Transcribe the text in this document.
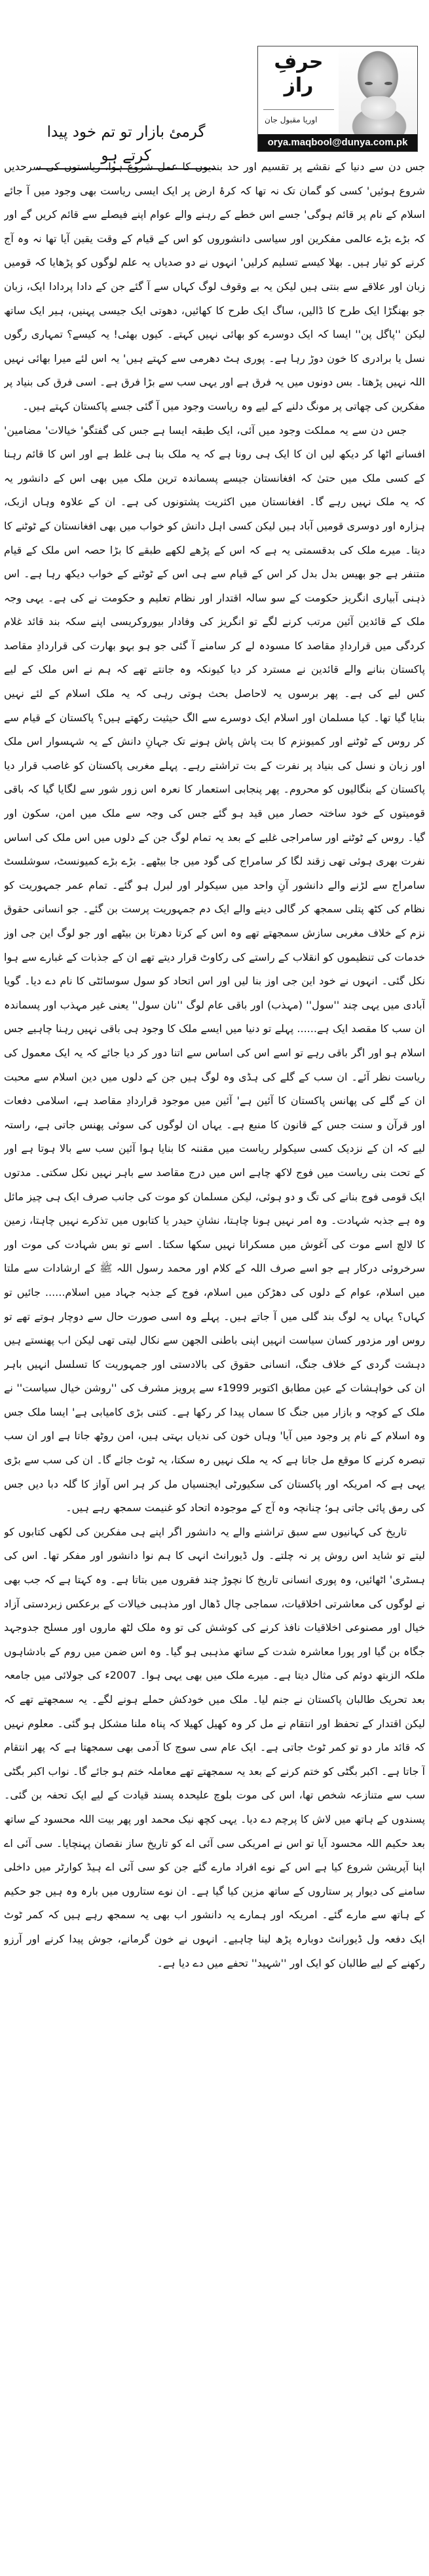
حرفِ راز
اوریا مقبول جان
orya.maqbool@dunya.com.pk
گرمئ بازار تو تم خود پیدا کرتے ہو
جس دن سے دنیا کے نقشے پر تقسیم اور حد بندیوں کا عمل شروع ہوا، ریاستوں کی سرحدیں
شروع ہوئیں' کسی کو گمان تک نہ تھا کہ کرۂ ارض پر ایک ایسی ریاست بھی وجود میں آ جائے
اسلام کے نام پر قائم ہوگی' جسے اس خطے کے رہنے والے عوام اپنے فیصلے سے قائم کریں گے اور
کہ بڑے بڑے عالمی مفکرین اور سیاسی دانشوروں کو اس کے قیام کے وقت یقین آیا تھا نہ وہ آج
کرنے کو تیار ہیں۔ بھلا کیسے تسلیم کرلیں' انہوں نے دو صدیاں یہ علم لوگوں کو پڑھایا کہ قومیں
زبان اور علاقے سے بنتی ہیں لیکن یہ بے وقوف لوگ کہاں سے آ گئے جن کے دادا پردادا ایک، زبان
جو بھنگڑا ایک طرح کا ڈالیں، ساگ ایک طرح کا کھائیں، دھوتی ایک جیسی پہنیں، ہیر ایک ساتھ
لیکن ''پاگل پن'' ایسا کہ ایک دوسرے کو بھائی نہیں کہتے۔ کیوں بھئی! یہ کیسے؟ تمہاری رگوں
نسل یا برادری کا خون دوڑ رہا ہے۔ پوری ہٹ دھرمی سے کہتے ہیں' یہ اس لئے میرا بھائی نہیں
اللہ نہیں پڑھتا۔ بس دونوں میں یہ فرق ہے اور یہی سب سے بڑا فرق ہے۔ اسی فرق کی بنیاد پر
مفکرین کی چھاتی پر مونگ دلنے کے لیے وہ ریاست وجود میں آ گئی جسے پاکستان کہتے ہیں۔
جس دن سے یہ مملکت وجود میں آئی، ایک طبقہ ایسا ہے جس کی گفتگو' خیالات' مضامین'
افسانے اٹھا کر دیکھ لیں ان کا ایک ہی رونا ہے کہ یہ ملک بنا ہی غلط ہے اور اس کا قائم رہنا
کے کسی ملک میں حتیٰ کہ افغانستان جیسے پسماندہ ترین ملک میں بھی اس کے دانشور یہ
کہ یہ ملک نہیں رہے گا۔ افغانستان میں اکثریت پشتونوں کی ہے۔ ان کے علاوہ وہاں ازبک،
ہزارہ اور دوسری قومیں آباد ہیں لیکن کسی اہل دانش کو خواب میں بھی افغانستان کے ٹوٹنے کا
دیتا۔ میرے ملک کی بدقسمتی یہ ہے کہ اس کے پڑھے لکھے طبقے کا بڑا حصہ اس ملک کے قیام
متنفر ہے جو بھیس بدل بدل کر اس کے قیام سے ہی اس کے ٹوٹنے کے خواب دیکھ رہا ہے۔ اس
ذہنی آبیاری انگریز حکومت کے سو سالہ اقتدار اور نظام تعلیم و حکومت نے کی ہے۔ یہی وجہ
ملک کے قائدین آئین مرتب کرنے لگے تو انگریز کی وفادار بیوروکریسی اپنے سکہ بند قائد غلام
کردگی میں قراردادِ مقاصد کا مسودہ لے کر سامنے آ گئی جو ہو بہو بھارت کی قراردادِ مقاصد
پاکستان بنانے والے قائدین نے مسترد کر دیا کیونکہ وہ جانتے تھے کہ ہم نے اس ملک کے لیے
کس لیے کی ہے۔ پھر برسوں یہ لاحاصل بحث ہوتی رہی کہ یہ ملک اسلام کے لئے نہیں
بنایا گیا تھا۔ کیا مسلمان اور اسلام ایک دوسرے سے الگ حیثیت رکھتے ہیں؟ پاکستان کے قیام سے
کر روس کے ٹوٹنے اور کمیونزم کا بت پاش پاش ہونے تک جہانِ دانش کے یہ شہسوار اس ملک
اور زبان و نسل کی بنیاد پر نفرت کے بت تراشتے رہے۔ پہلے مغربی پاکستان کو غاصب قرار دیا
پاکستان کے بنگالیوں کو محروم۔ پھر پنجابی استعمار کا نعرہ اس زور شور سے لگایا گیا کہ باقی
قومیتوں کے خود ساختہ حصار میں قید ہو گئے جس کی وجہ سے ملک میں امن، سکون اور
گیا۔ روس کے ٹوٹنے اور سامراجی غلبے کے بعد یہ تمام لوگ جن کے دلوں میں اس ملک کی اساس
نفرت بھری ہوئی تھی زقند لگا کر سامراج کی گود میں جا بیٹھے۔ بڑے بڑے کمیونسٹ، سوشلسٹ
سامراج سے لڑنے والے دانشور آنِ واحد میں سیکولر اور لبرل ہو گئے۔ تمام عمر جمہوریت کو
نظام کی کٹھ پتلی سمجھ کر گالی دینے والے ایک دم جمہوریت پرست بن گئے۔ جو انسانی حقوق
نزم کے خلاف مغربی سازش سمجھتے تھے وہ اس کے کرتا دھرتا بن بیٹھے اور جو لوگ این جی اوز
خدمات کی تنظیموں کو انقلاب کے راستے کی رکاوٹ قرار دیتے تھے ان کے جذبات کے غبارے سے ہوا
نکل گئی۔ انہوں نے خود این جی اوز بنا لیں اور اس اتحاد کو سول سوسائٹی کا نام دے دیا۔ گویا
آبادی میں یہی چند ''سول'' (مہذب) اور باقی عام لوگ ''نان سول'' یعنی غیر مہذب اور پسماندہ
ان سب کا مقصد ایک ہے...... پہلے تو دنیا میں ایسے ملک کا وجود ہی باقی نہیں رہنا چاہیے جس
اسلام ہو اور اگر باقی رہے تو اسے اس کی اساس سے اتنا دور کر دیا جائے کہ یہ ایک معمول کی
ریاست نظر آئے۔ ان سب کے گلے کی ہڈی وہ لوگ ہیں جن کے دلوں میں دین اسلام سے محبت
ان کے گلے کی پھانس پاکستان کا آئین ہے' آئین میں موجود قراردادِ مقاصد ہے، اسلامی دفعات
اور قرآن و سنت جس کے قانون کا منبع ہے۔ یہاں ان لوگوں کی سوئی پھنس جاتی ہے، راستہ
لیے کہ ان کے نزدیک کسی سیکولر ریاست میں مقننہ کا بنایا ہوا آئین سب سے بالا ہوتا ہے اور
کے تحت بنی ریاست میں فوج لاکھ چاہے اس میں درج مقاصد سے باہر نہیں نکل سکتی۔ مدتوں
ایک قومی فوج بنانے کی تگ و دو ہوئی، لیکن مسلمان کو موت کی جانب صرف ایک ہی چیز مائل
وہ ہے جذبہ شہادت۔ وہ امر نہیں ہونا چاہتا، نشانِ حیدر یا کتابوں میں تذکرے نہیں چاہتا، زمین
کا لالچ اسے موت کی آغوش میں مسکرانا نہیں سکھا سکتا۔ اسے تو بس شہادت کی موت اور
سرخروئی درکار ہے جو اسے صرف اللہ کے کلام اور محمد رسول اللہ ﷺ کے ارشادات سے ملتا
میں اسلام، عوام کے دلوں کی دھڑکن میں اسلام، فوج کے جذبہ جہاد میں اسلام...... جائیں تو
کہاں؟ یہاں یہ لوگ بند گلی میں آ جاتے ہیں۔ پہلے وہ اسی صورت حال سے دوچار ہوتے تھے تو
روس اور مزدور کسان سیاست انہیں اپنی باطنی الجھن سے نکال لیتی تھی لیکن اب پھنستے ہیں
دہشت گردی کے خلاف جنگ، انسانی حقوق کی بالادستی اور جمہوریت کا تسلسل انہیں باہر
ان کی خواہشات کے عین مطابق اکتوبر 1999ء سے پرویز مشرف کی ''روشن خیال سیاست'' نے
ملک کے کوچہ و بازار میں جنگ کا سماں پیدا کر رکھا ہے۔ کتنی بڑی کامیابی ہے' ایسا ملک جس
وہ اسلام کے نام پر وجود میں آیا' وہاں خون کی ندیاں بہتی ہیں، امن روٹھ جاتا ہے اور ان سب
تبصرہ کرنے کا موقع مل جاتا ہے کہ یہ ملک نہیں رہ سکتا، یہ ٹوٹ جائے گا۔ ان کی سب سے بڑی
یہی ہے کہ امریکہ اور پاکستان کی سکیورٹی ایجنسیاں مل کر ہر اس آواز کا گلہ دبا دیں جس
کی رمق پائی جاتی ہو؛ چنانچہ وہ آج کے موجودہ اتحاد کو غنیمت سمجھ رہے ہیں۔
تاریخ کی کہانیوں سے سبق تراشنے والے یہ دانشور اگر اپنے ہی مفکرین کی لکھی کتابوں کو
لیتے تو شاید اس روش پر نہ چلتے۔ ول ڈیورانٹ انہی کا ہم نوا دانشور اور مفکر تھا۔ اس کی
ہسٹری' اٹھائیں، وہ پوری انسانی تاریخ کا نچوڑ چند فقروں میں بتاتا ہے۔ وہ کہتا ہے کہ جب بھی
نے لوگوں کی معاشرتی اخلاقیات، سماجی چال ڈھال اور مذہبی خیالات کے برعکس زبردستی آزاد
خیال اور مصنوعی اخلاقیات نافذ کرنے کی کوشش کی تو وہ ملک لٹھ ماروں اور مسلح جدوجہد
جگاہ بن گیا اور پورا معاشرہ شدت کے ساتھ مذہبی ہو گیا۔ وہ اس ضمن میں روم کے بادشاہوں
ملکہ الزبتھ دوئم کی مثال دیتا ہے۔ میرے ملک میں بھی یہی ہوا۔ 2007ء کی جولائی میں جامعہ
بعد تحریک طالبان پاکستان نے جنم لیا۔ ملک میں خودکش حملے ہونے لگے۔ یہ سمجھتے تھے کہ
لیکن اقتدار کے تحفظ اور انتقام نے مل کر وہ کھیل کھیلا کہ پناہ ملنا مشکل ہو گئی۔ معلوم نہیں
کہ قائد مار دو تو کمر ٹوٹ جاتی ہے۔ ایک عام سی سوچ کا آدمی بھی سمجھتا ہے کہ پھر انتقام
آ جاتا ہے۔ اکبر بگٹی کو ختم کرنے کے بعد یہ سمجھتے تھے معاملہ ختم ہو جائے گا۔ نواب اکبر بگٹی
سب سے متنازعہ شخص تھا، اس کی موت بلوچ علیحدہ پسند قیادت کے لیے ایک تحفہ بن گئی۔
پسندوں کے ہاتھ میں لاش کا پرچم دے دیا۔ یہی کچھ نیک محمد اور پھر بیت اللہ محسود کے ساتھ
بعد حکیم اللہ محسود آیا تو اس نے امریکی سی آئی اے کو تاریخ ساز نقصان پہنچایا۔ سی آئی اے
اپنا آپریشن شروع کیا ہے اس کے نوے افراد مارے گئے جن کو سی آئی اے ہیڈ کوارٹر میں داخلی
سامنے کی دیوار پر ستاروں کے ساتھ مزین کیا گیا ہے۔ ان نوے ستاروں میں بارہ وہ ہیں جو حکیم
کے ہاتھ سے مارے گئے۔ امریکہ اور ہمارے یہ دانشور اب بھی یہ سمجھ رہے ہیں کہ کمر ٹوٹ
ایک دفعہ ول ڈیورانٹ دوبارہ پڑھ لینا چاہیے۔ انہوں نے خون گرمانے، جوش پیدا کرنے اور آرزو
رکھنے کے لیے طالبان کو ایک اور ''شہید'' تحفے میں دے دیا ہے۔
